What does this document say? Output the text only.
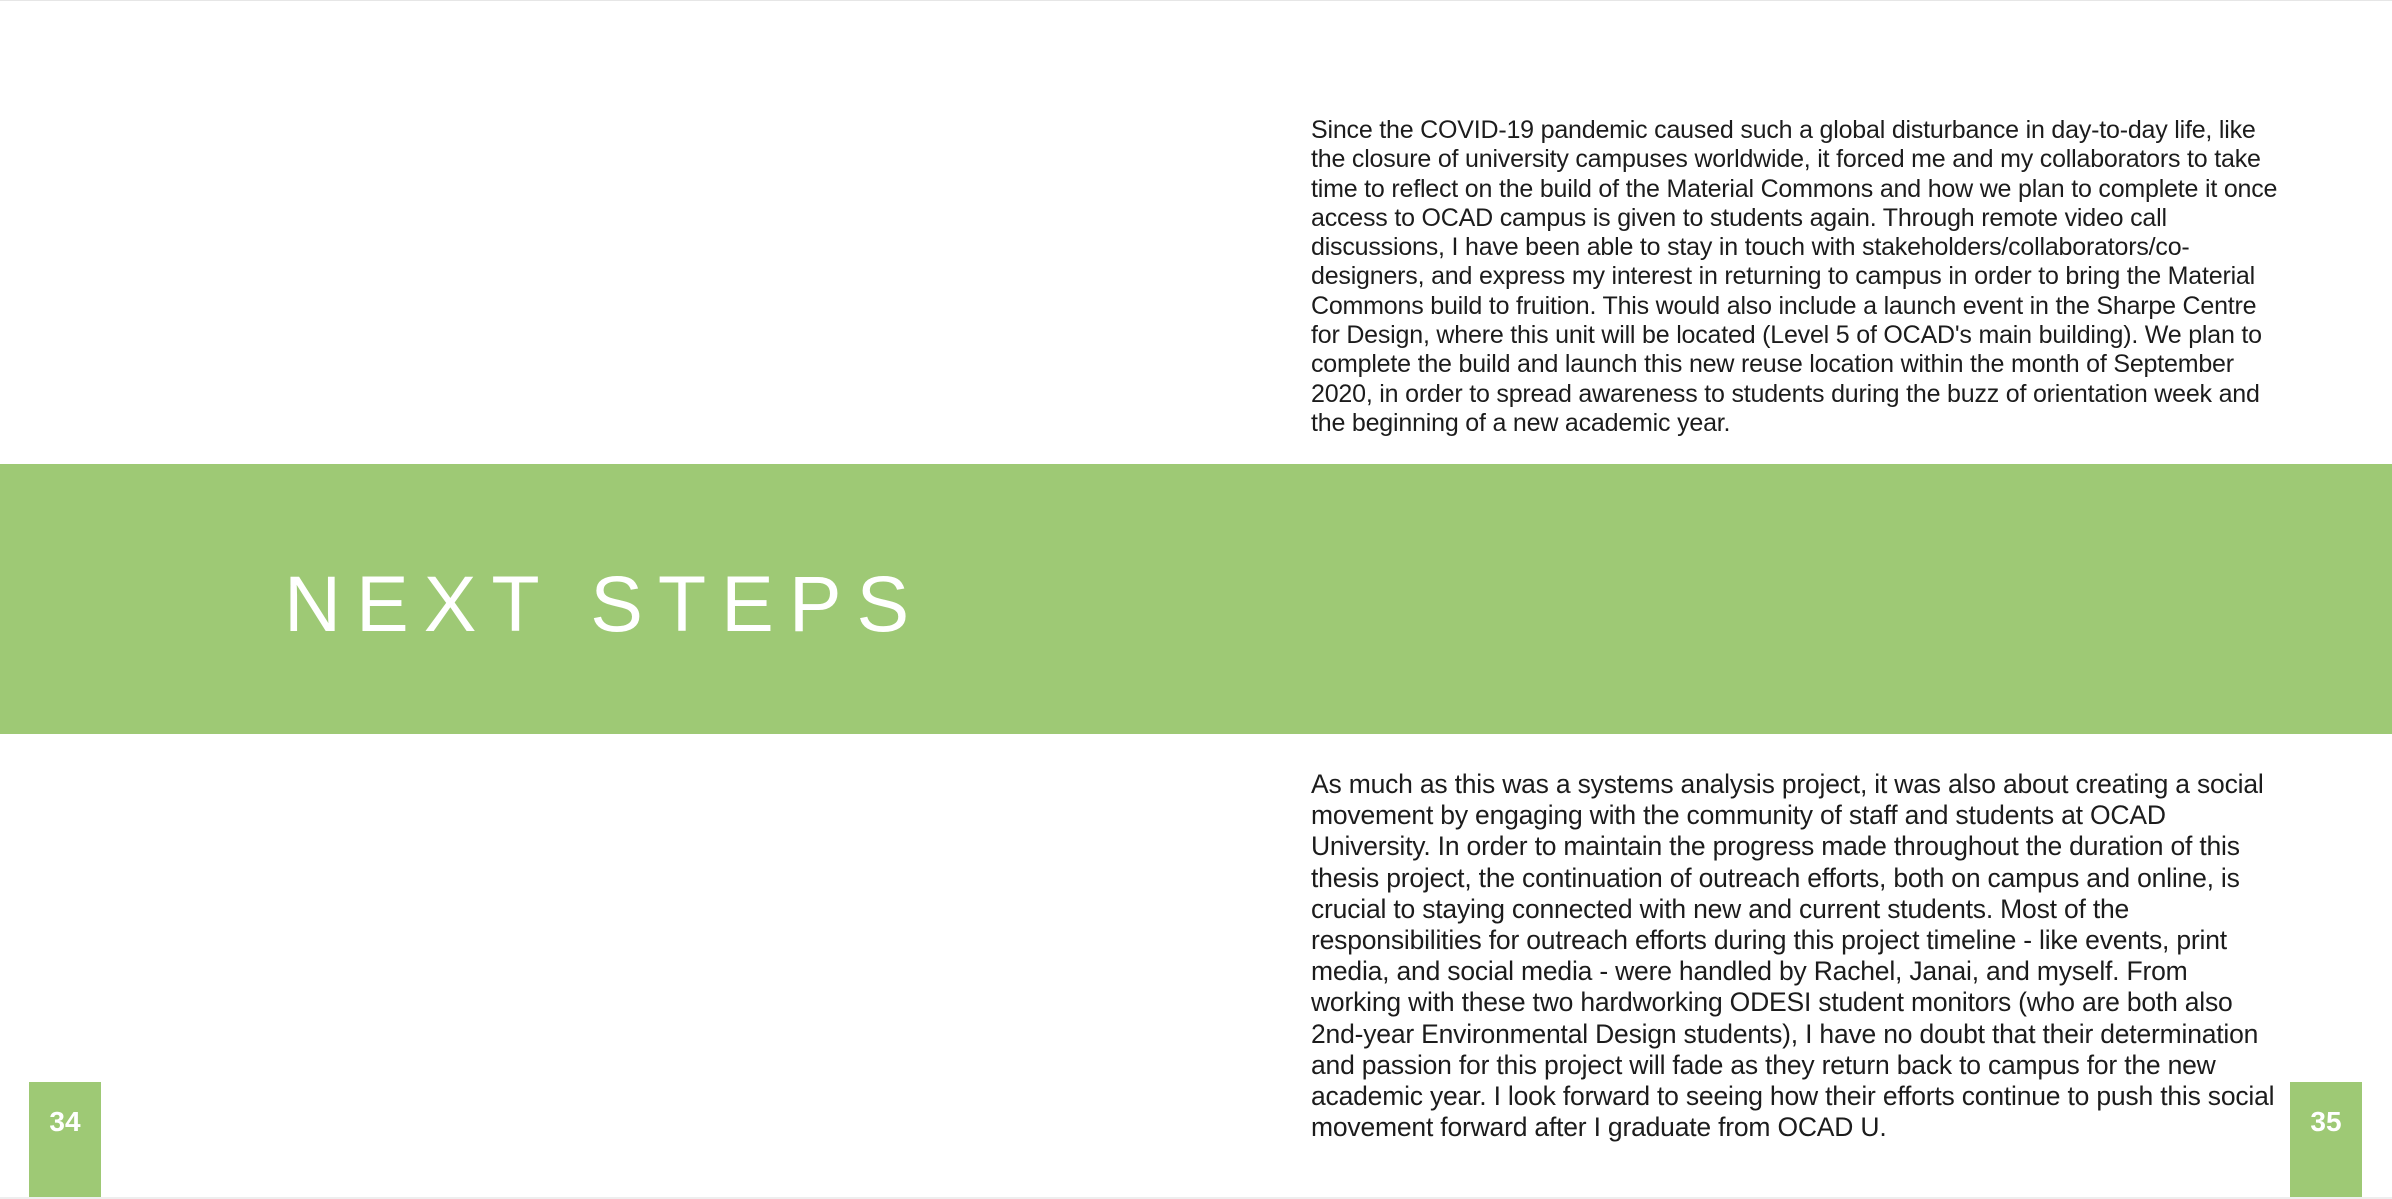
Since the COVID-19 pandemic caused such a global disturbance in day-to-day life, like the closure of university campuses worldwide, it forced me and my collaborators to take time to reflect on the build of the Material Commons and how we plan to complete it once access to OCAD campus is given to students again. Through remote video call discussions, I have been able to stay in touch with stakeholders/collaborators/co-designers, and express my interest in returning to campus in order to bring the Material Commons build to fruition. This would also include a launch event in the Sharpe Centre for Design, where this unit will be located (Level 5 of OCAD's main building). We plan to complete the build and launch this new reuse location within the month of September 2020, in order to spread awareness to students during the buzz of orientation week and the beginning of a new academic year.

NEXT STEPS

As much as this was a systems analysis project, it was also about creating a social movement by engaging with the community of staff and students at OCAD University. In order to maintain the progress made throughout the duration of this thesis project, the continuation of outreach efforts, both on campus and online, is crucial to staying connected with new and current students. Most of the responsibilities for outreach efforts during this project timeline - like events, print media, and social media - were handled by Rachel, Janai, and myself. From working with these two hardworking ODESI student monitors (who are both also 2nd-year Environmental Design students), I have no doubt that their determination and passion for this project will fade as they return back to campus for the new academic year. I look forward to seeing how their efforts continue to push this social movement forward after I graduate from OCAD U.

34	35
